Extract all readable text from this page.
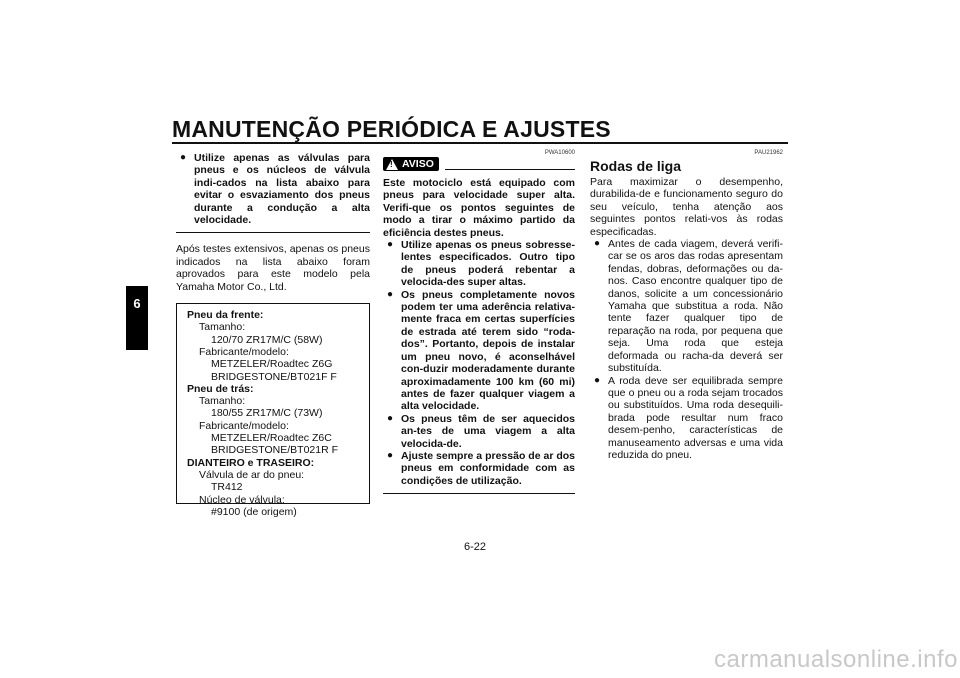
MANUTENÇÃO PERIÓDICA E AJUSTES
6
● Utilize apenas as válvulas para pneus e os núcleos de válvula indi-cados na lista abaixo para evitar o esvaziamento dos pneus durante a condução a alta velocidade.
Após testes extensivos, apenas os pneus indicados na lista abaixo foram aprovados para este modelo pela Yamaha Motor Co., Ltd.
Pneu da frente:
Tamanho:
120/70 ZR17M/C (58W)
Fabricante/modelo:
METZELER/Roadtec Z6G
BRIDGESTONE/BT021F F
Pneu de trás:
Tamanho:
180/55 ZR17M/C (73W)
Fabricante/modelo:
METZELER/Roadtec Z6C
BRIDGESTONE/BT021R F
DIANTEIRO e TRASEIRO:
Válvula de ar do pneu:
TR412
Núcleo de válvula:
#9100 (de origem)
PWA10600
!
AVISO
Este motociclo está equipado com pneus para velocidade super alta. Verifi-que os pontos seguintes de modo a tirar o máximo partido da eficiência destes pneus.
● Utilize apenas os pneus sobresse-lentes especificados. Outro tipo de pneus poderá rebentar a velocida-des super altas.
● Os pneus completamente novos podem ter uma aderência relativa-mente fraca em certas superfícies de estrada até terem sido “roda-dos”. Portanto, depois de instalar um pneu novo, é aconselhável con-duzir moderadamente durante aproximadamente 100 km (60 mi) antes de fazer qualquer viagem a alta velocidade.
● Os pneus têm de ser aquecidos an-tes de uma viagem a alta velocida-de.
● Ajuste sempre a pressão de ar dos pneus em conformidade com as condições de utilização.
PAU21962
Rodas de liga
Para maximizar o desempenho, durabilida-de e funcionamento seguro do seu veículo, tenha atenção aos seguintes pontos relati-vos às rodas especificadas.
● Antes de cada viagem, deverá verifi-car se os aros das rodas apresentam fendas, dobras, deformações ou da-nos. Caso encontre qualquer tipo de danos, solicite a um concessionário Yamaha que substitua a roda. Não tente fazer qualquer tipo de reparação na roda, por pequena que seja. Uma roda que esteja deformada ou racha-da deverá ser substituída.
● A roda deve ser equilibrada sempre que o pneu ou a roda sejam trocados ou substituídos. Uma roda desequili-brada pode resultar num fraco desem-penho, características de manuseamento adversas e uma vida reduzida do pneu.
6-22
carmanualsonline.info
